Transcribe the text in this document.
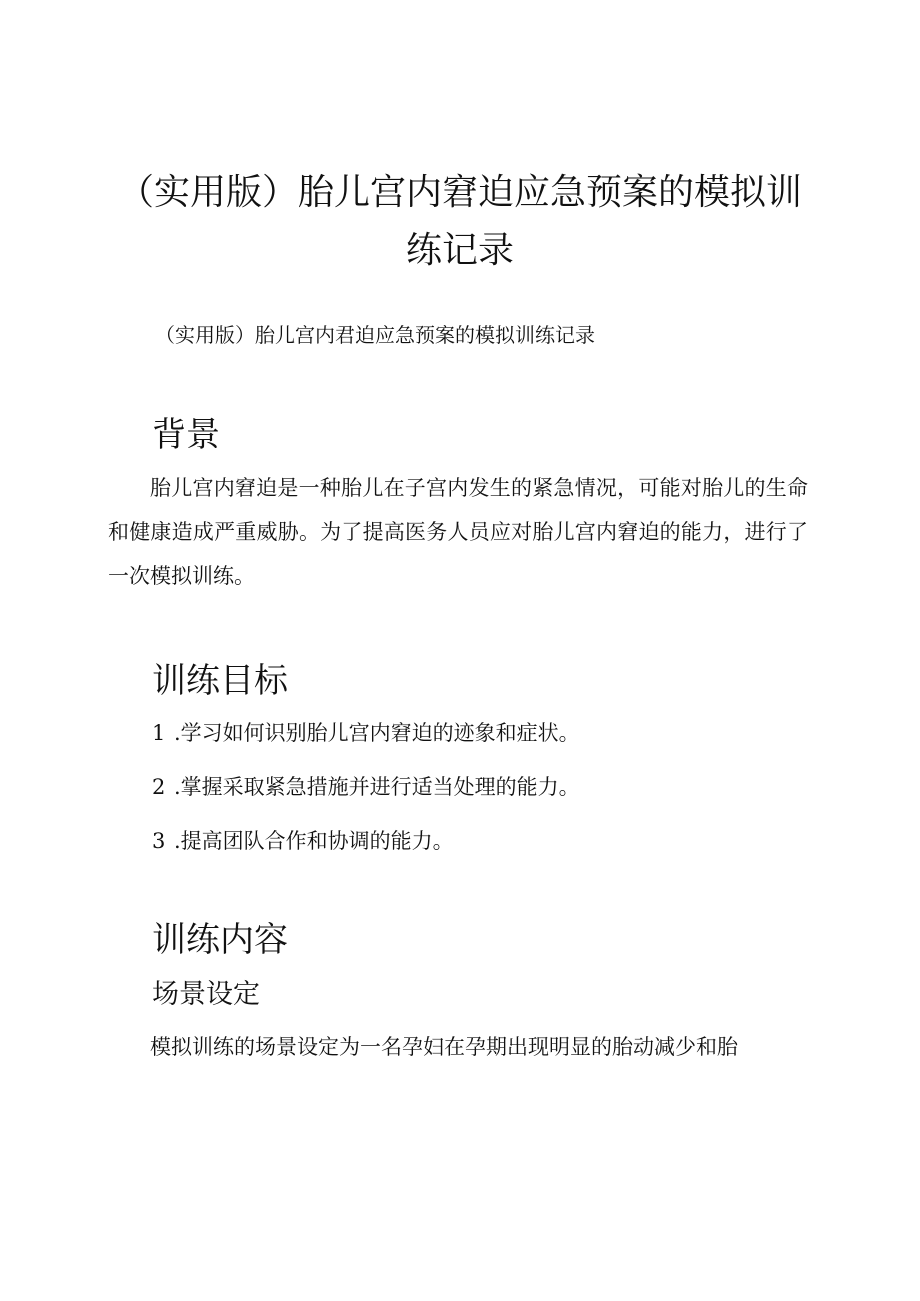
（实用版）胎儿宫内窘迫应急预案的模拟训练记录
（实用版）胎儿宫内君迫应急预案的模拟训练记录
背景
胎儿宫内窘迫是一种胎儿在子宫内发生的紧急情况，可能对胎儿的生命和健康造成严重威胁。为了提高医务人员应对胎儿宫内窘迫的能力，进行了一次模拟训练。
训练目标
1 .学习如何识别胎儿宫内窘迫的迹象和症状。
2 .掌握采取紧急措施并进行适当处理的能力。
3 .提高团队合作和协调的能力。
训练内容
场景设定
模拟训练的场景设定为一名孕妇在孕期出现明显的胎动减少和胎
